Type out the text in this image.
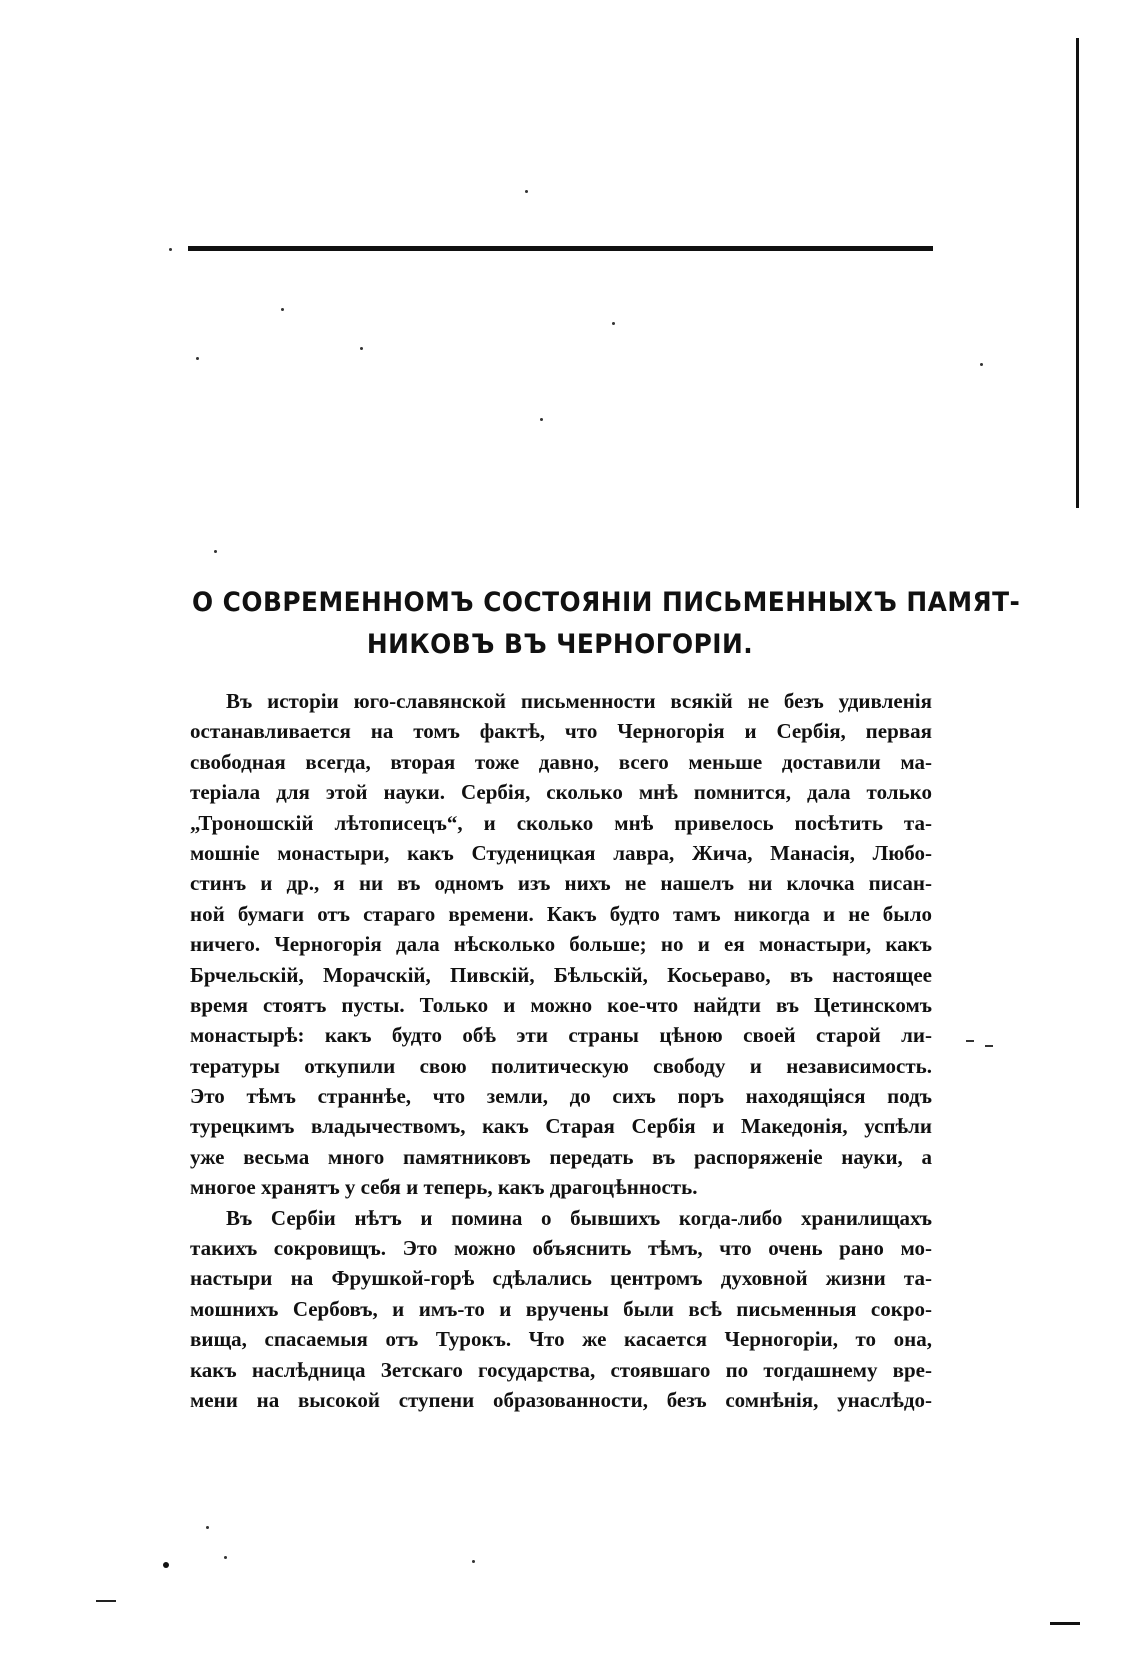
О СОВРЕМЕННОМЪ СОСТОЯНІИ ПИСЬМЕННЫХЪ ПАМЯТ-
НИКОВЪ ВЪ ЧЕРНОГОРІИ.
Въ исторіи юго-славянской письменности всякій не безъ удивленія
останавливается на томъ фактѣ, что Черногорія и Сербія, первая
свободная всегда, вторая тоже давно, всего меньше доставили ма-
теріала для этой науки. Сербія, сколько мнѣ помнится, дала только
„Троношскій лѣтописецъ“, и сколько мнѣ привелось посѣтить та-
мошніе монастыри, какъ Студеницкая лавра, Жича, Манасія, Любо-
стинъ и др., я ни въ одномъ изъ нихъ не нашелъ ни клочка писан-
ной бумаги отъ стараго времени. Какъ будто тамъ никогда и не было
ничего. Черногорія дала нѣсколько больше; но и ея монастыри, какъ
Брчельскій, Морачскій, Пивскій, Бѣльскій, Косьераво, въ настоящее
время стоятъ пусты. Только и можно кое-что найдти въ Цетинскомъ
монастырѣ: какъ будто обѣ эти страны цѣною своей старой ли-
тературы откупили свою политическую свободу и независимость.
Это тѣмъ страннѣе, что земли, до сихъ поръ находящіяся подъ
турецкимъ владычествомъ, какъ Старая Сербія и Македонія, успѣли
уже весьма много памятниковъ передать въ распоряженіе науки, а
многое хранятъ у себя и теперь, какъ драгоцѣнность.
Въ Сербіи нѣтъ и помина о бывшихъ когда-либо хранилищахъ
такихъ сокровищъ. Это можно объяснить тѣмъ, что очень рано мо-
настыри на Фрушкой-горѣ сдѣлались центромъ духовной жизни та-
мошнихъ Сербовъ, и имъ-то и вручены были всѣ письменныя сокро-
вища, спасаемыя отъ Турокъ. Что же касается Черногоріи, то она,
какъ наслѣдница Зетскаго государства, стоявшаго по тогдашнему вре-
мени на высокой ступени образованности, безъ сомнѣнія, унаслѣдо-
